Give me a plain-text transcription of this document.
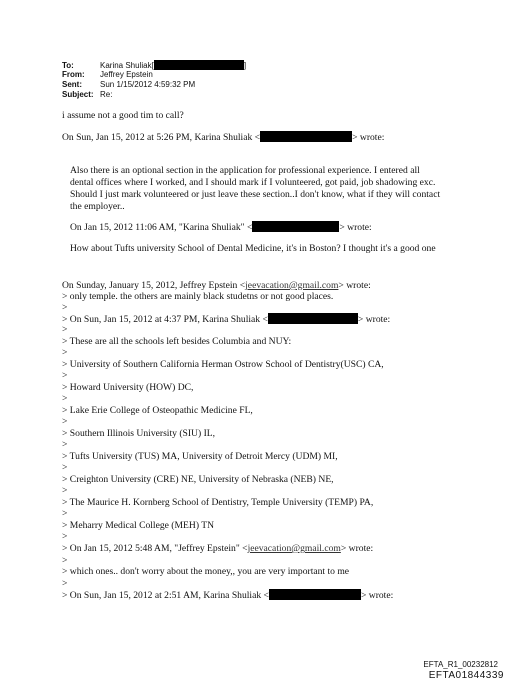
To:	Karina Shuliak[	]
From: Jeffrey Epstein
Sent: Sun 1/15/2012 4:59:32 PM
Subject: Re:
i assume not a good tim to call?
On Sun, Jan 15, 2012 at 5:26 PM, Karina Shuliak <	> wrote:
Also there is an optional section in the application for professional experience. I entered all dental offices where I worked, and I should mark if I volunteered, got paid, job shadowing exc. Should I just mark volunteered or just leave these section..I don't know, what if they will contact the employer..
On Jan 15, 2012 11:06 AM, "Karina Shuliak" <	> wrote:
How about Tufts university School of Dental Medicine, it's in Boston? I thought it's a good one
On Sunday, January 15, 2012, Jeffrey Epstein <jeevacation@gmail.com> wrote:
> only temple. the others are mainly black studetns or not good places.
>
> On Sun, Jan 15, 2012 at 4:37 PM, Karina Shuliak <	> wrote:
>
> These are all the schools left besides Columbia and NUY:
>
> University of Southern California Herman Ostrow School of Dentistry(USC) CA,
>
> Howard University (HOW) DC,
>
> Lake Erie College of Osteopathic Medicine FL,
>
> Southern Illinois University (SIU) IL,
>
> Tufts University (TUS) MA, University of Detroit Mercy (UDM) MI,
>
> Creighton University (CRE) NE, University of Nebraska (NEB) NE,
>
> The Maurice H. Kornberg School of Dentistry, Temple University (TEMP) PA,
>
> Meharry Medical College (MEH) TN
>
> On Jan 15, 2012 5:48 AM, "Jeffrey Epstein" <jeevacation@gmail.com> wrote:
>
> which ones.. don't worry about the money,, you are very important to me
>
> On Sun, Jan 15, 2012 at 2:51 AM, Karina Shuliak <	> wrote:
EFTA_R1_00232812
EFTA01844339
